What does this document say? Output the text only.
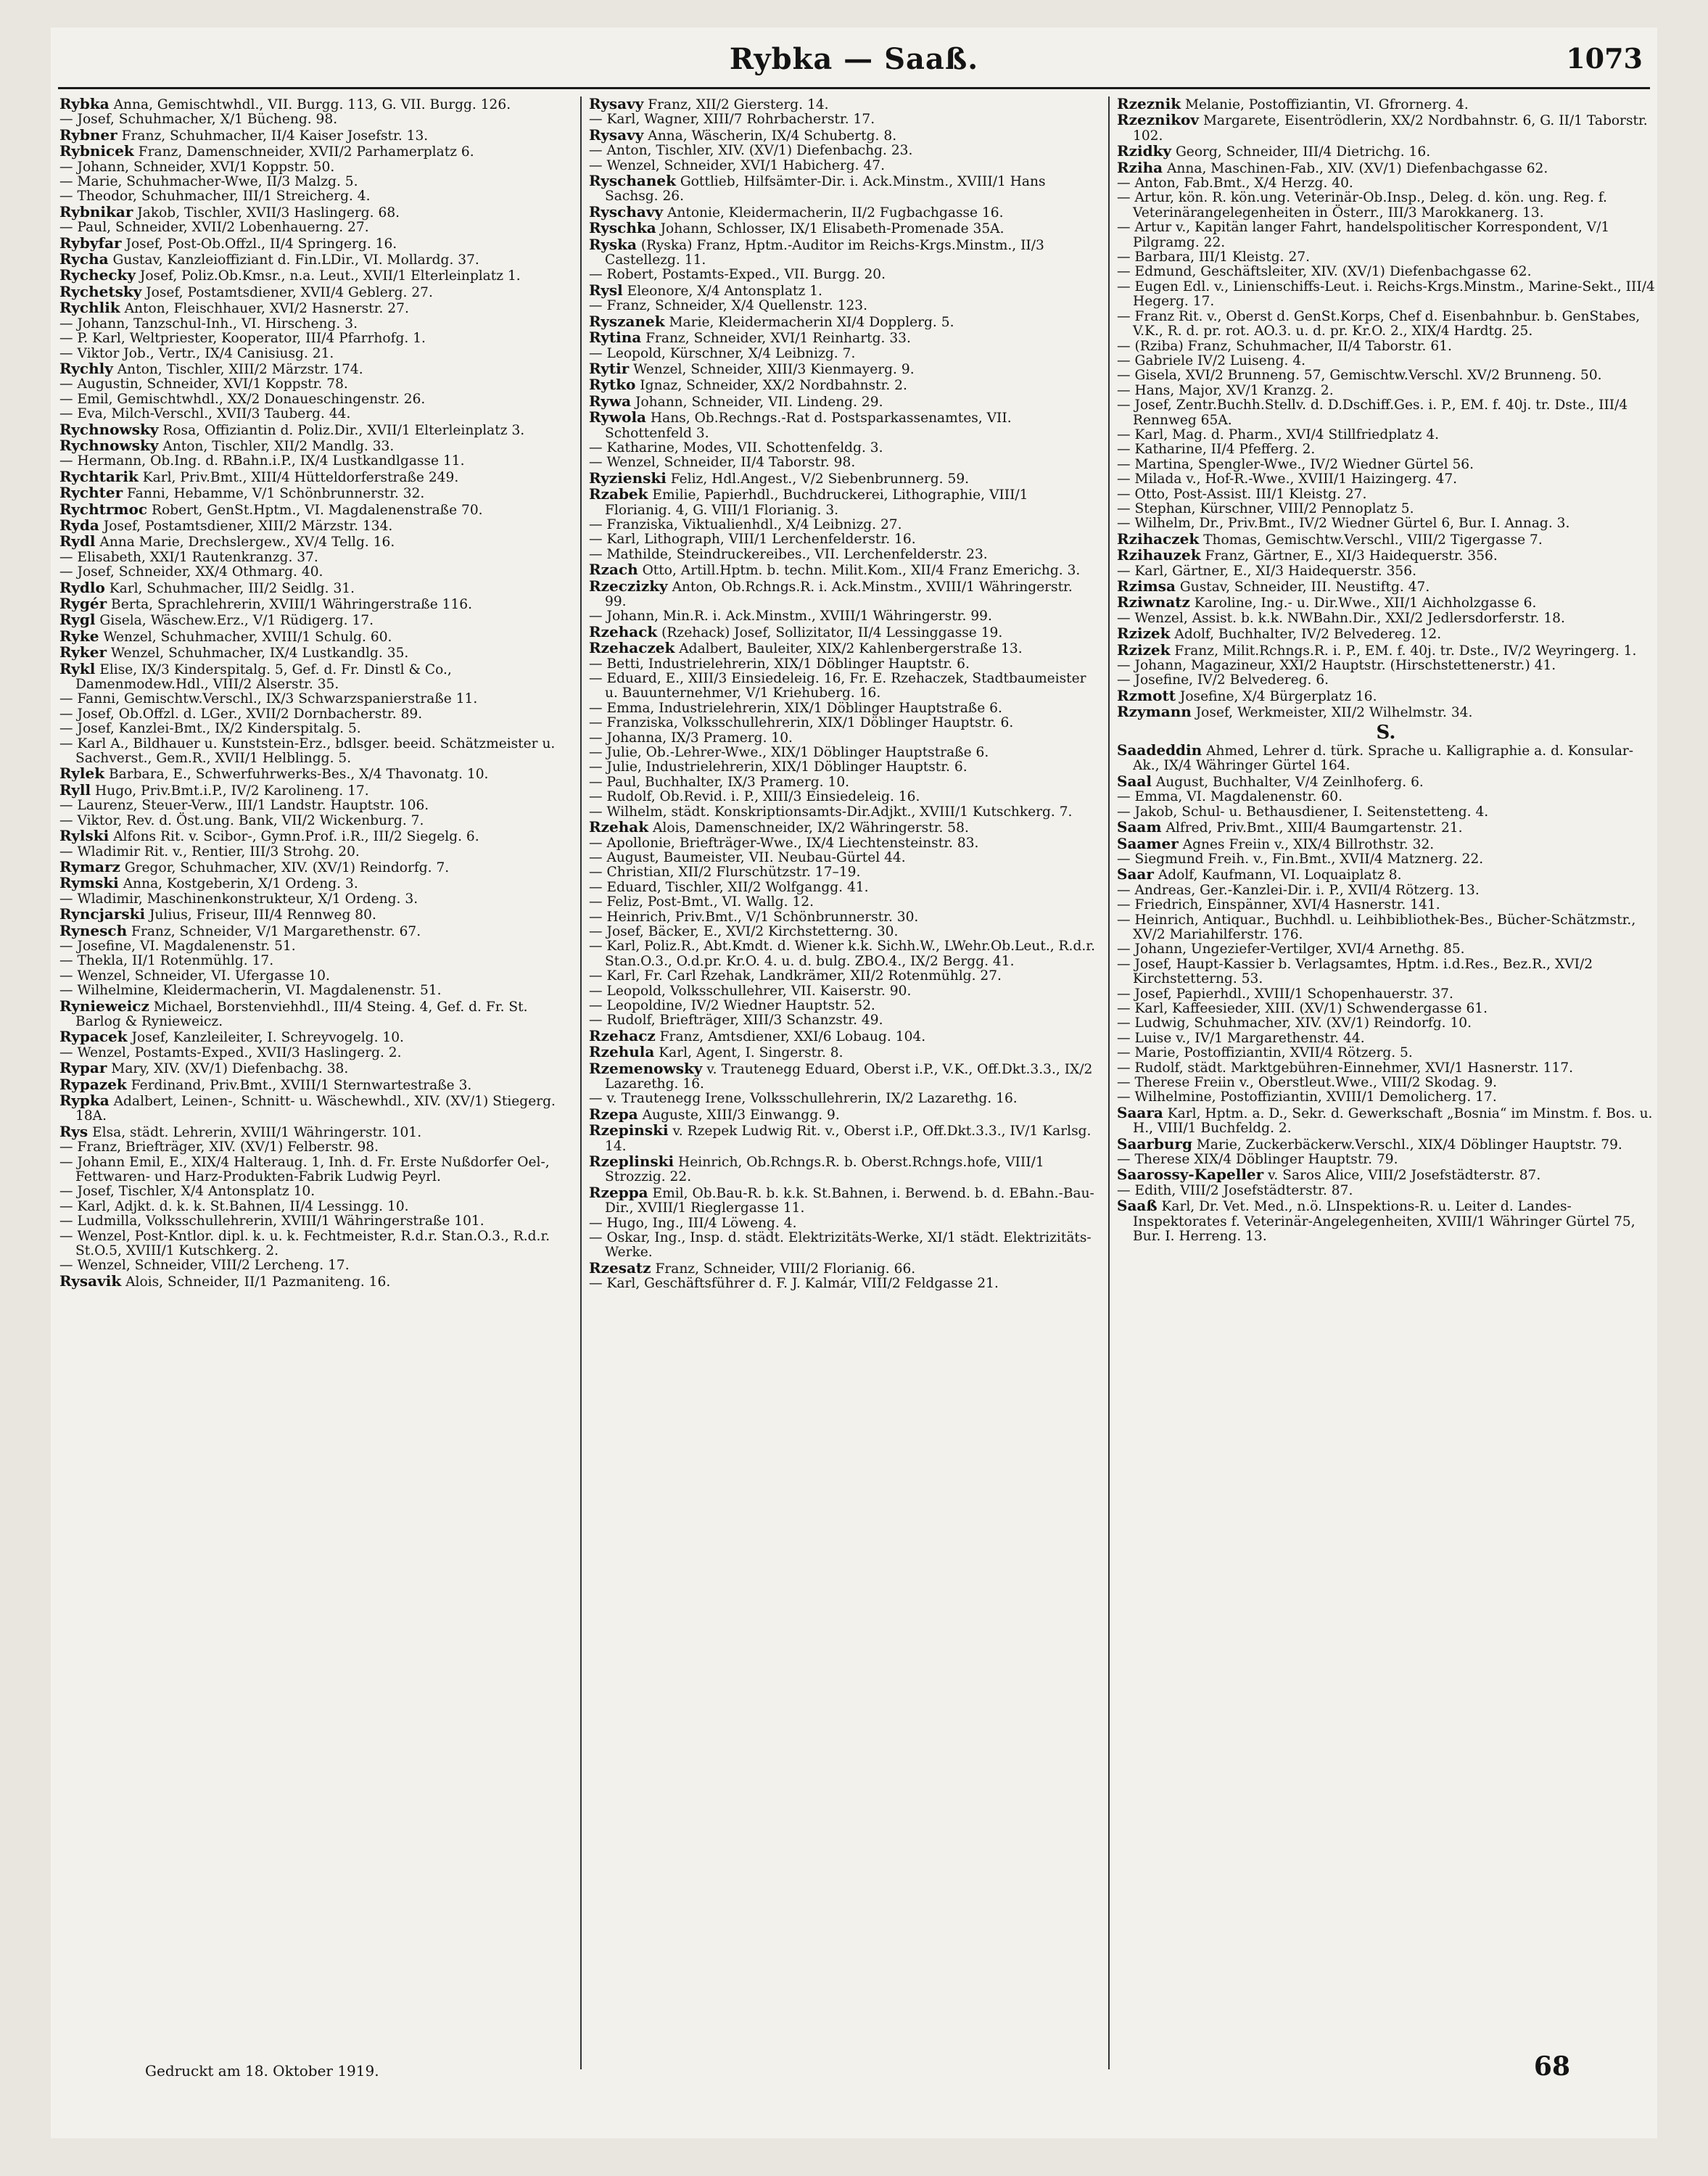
Rybka — Saaß.	1073
Rybka Anna, Gemischtwhdl., VII. Burgg. 113, G. VII. Burgg. 126.
— Josef, Schuhmacher, X/1 Bücheng. 98.
Rybner Franz, Schuhmacher, II/4 Kaiser Josefstr. 13.
Rybnicek Franz, Damenschneider, XVII/2 Parhamerplatz 6.
— Johann, Schneider, XVI/1 Koppstr. 50.
— Marie, Schuhmacher-Wwe, II/3 Malzg. 5.
— Theodor, Schuhmacher, III/1 Streicherg. 4.
Rybnikar Jakob, Tischler, XVII/3 Haslingerg. 68.
— Paul, Schneider, XVII/2 Lobenhauerng. 27.
Rybyfar Josef, Post-Ob.Offzl., II/4 Springerg. 16.
Rycha Gustav, Kanzleioffiziant d. Fin.LDir., VI. Mollardg. 37.
Rychecky Josef, Poliz.Ob.Kmsr., n.a. Leut., XVII/1 Elterleinplatz 1.
Rychetsky Josef, Postamtsdiener, XVII/4 Geblerg. 27.
Rychlik Anton, Fleischhauer, XVI/2 Hasnerstr. 27.
— Johann, Tanzschul-Inh., VI. Hirscheng. 3.
— P. Karl, Weltpriester, Kooperator, III/4 Pfarrhofg. 1.
— Viktor Job., Vertr., IX/4 Canisiusg. 21.
Rychly Anton, Tischler, XIII/2 Märzstr. 174.
— Augustin, Schneider, XVI/1 Koppstr. 78.
— Emil, Gemischtwhdl., XX/2 Donaueschingenstr. 26.
— Eva, Milch-Verschl., XVII/3 Tauberg. 44.
Rychnowsky Rosa, Offiziantin d. Poliz.Dir., XVII/1 Elterleinplatz 3.
Rychnowsky Anton, Tischler, XII/2 Mandlg. 33.
— Hermann, Ob.Ing. d. RBahn.i.P., IX/4 Lustkandlgasse 11.
Rychtarik Karl, Priv.Bmt., XIII/4 Hütteldorferstraße 249.
Rychter Fanni, Hebamme, V/1 Schönbrunnerstr. 32.
Rychtrmoc Robert, GenSt.Hptm., VI. Magdalenenstraße 70.
Ryda Josef, Postamtsdiener, XIII/2 Märzstr. 134.
Rydl Anna Marie, Drechslergew., XV/4 Tellg. 16.
— Elisabeth, XXI/1 Rautenkranzg. 37.
— Josef, Schneider, XX/4 Othmarg. 40.
Rydlo Karl, Schuhmacher, III/2 Seidlg. 31.
Rygér Berta, Sprachlehrerin, XVIII/1 Währingerstraße 116.
Rygl Gisela, Wäschew.Erz., V/1 Rüdigerg. 17.
Ryke Wenzel, Schuhmacher, XVIII/1 Schulg. 60.
Ryker Wenzel, Schuhmacher, IX/4 Lustkandlg. 35.
Rykl Elise, IX/3 Kinderspitalg. 5, Gef. d. Fr. Dinstl & Co., Damenmodew.Hdl., VIII/2 Alserstr. 35.
— Fanni, Gemischtw.Verschl., IX/3 Schwarzspanierstraße 11.
— Josef, Ob.Offzl. d. LGer., XVII/2 Dornbacherstr. 89.
— Josef, Kanzlei-Bmt., IX/2 Kinderspitalg. 5.
— Karl A., Bildhauer u. Kunststein-Erz., bdlsger. beeid. Schätzmeister u. Sachverst., Gem.R., XVII/1 Helblingg. 5.
Rylek Barbara, E., Schwerfuhrwerks-Bes., X/4 Thavonatg. 10.
Ryll Hugo, Priv.Bmt.i.P., IV/2 Karolineng. 17.
— Laurenz, Steuer-Verw., III/1 Landstr. Hauptstr. 106.
— Viktor, Rev. d. Öst.ung. Bank, VII/2 Wickenburg. 7.
Rylski Alfons Rit. v. Scibor-, Gymn.Prof. i.R., III/2 Siegelg. 6.
— Wladimir Rit. v., Rentier, III/3 Strohg. 20.
Rymarz Gregor, Schuhmacher, XIV. (XV/1) Reindorfg. 7.
Rymski Anna, Kostgeberin, X/1 Ordeng. 3.
— Wladimir, Maschinenkonstrukteur, X/1 Ordeng. 3.
Ryncjarski Julius, Friseur, III/4 Rennweg 80.
Rynesch Franz, Schneider, V/1 Margarethenstr. 67.
— Josefine, VI. Magdalenenstr. 51.
— Thekla, II/1 Rotenmühlg. 17.
— Wenzel, Schneider, VI. Ufergasse 10.
— Wilhelmine, Kleidermacherin, VI. Magdalenenstr. 51.
Rynieweicz Michael, Borstenviehhdl., III/4 Steing. 4, Gef. d. Fr. St. Barlog & Rynieweicz.
Rypacek Josef, Kanzleileiter, I. Schreyvogelg. 10.
— Wenzel, Postamts-Exped., XVII/3 Haslingerg. 2.
Rypar Mary, XIV. (XV/1) Diefenbachg. 38.
Rypazek Ferdinand, Priv.Bmt., XVIII/1 Sternwartestraße 3.
Rypka Adalbert, Leinen-, Schnitt- u. Wäschewhdl., XIV. (XV/1) Stiegerg. 18A.
Rys Elsa, städt. Lehrerin, XVIII/1 Währingerstr. 101.
— Franz, Briefträger, XIV. (XV/1) Felberstr. 98.
— Johann Emil, E., XIX/4 Halteraug. 1, Inh. d. Fr. Erste Nußdorfer Oel-, Fettwaren- und Harz-Produkten-Fabrik Ludwig Peyrl.
— Josef, Tischler, X/4 Antonsplatz 10.
— Karl, Adjkt. d. k. k. St.Bahnen, II/4 Lessingg. 10.
— Ludmilla, Volksschullehrerin, XVIII/1 Währingerstraße 101.
— Wenzel, Post-Kntlor. dipl. k. u. k. Fechtmeister, R.d.r. Stan.O.3., R.d.r. St.O.5, XVIII/1 Kutschkerg. 2.
— Wenzel, Schneider, VIII/2 Lercheng. 17.
Rysavik Alois, Schneider, II/1 Pazmaniteng. 16.
Rysavy Franz, XII/2 Giersterg. 14.
— Karl, Wagner, XIII/7 Rohrbacherstr. 17.
Rysavy Anna, Wäscherin, IX/4 Schubertg. 8.
— Anton, Tischler, XIV. (XV/1) Diefenbachg. 23.
— Wenzel, Schneider, XVI/1 Habicherg. 47.
Ryschanek Gottlieb, Hilfsämter-Dir. i. Ack.Minstm., XVIII/1 Hans Sachsg. 26.
Ryschavy Antonie, Kleidermacherin, II/2 Fugbachgasse 16.
Ryschka Johann, Schlosser, IX/1 Elisabeth-Promenade 35A.
Ryska (Ryska) Franz, Hptm.-Auditor im Reichs-Krgs.Minstm., II/3 Castellezg. 11.
— Robert, Postamts-Exped., VII. Burgg. 20.
Rysl Eleonore, X/4 Antonsplatz 1.
— Franz, Schneider, X/4 Quellenstr. 123.
Ryszanek Marie, Kleidermacherin XI/4 Dopplerg. 5.
Rytina Franz, Schneider, XVI/1 Reinhartg. 33.
— Leopold, Kürschner, X/4 Leibnizg. 7.
Rytir Wenzel, Schneider, XIII/3 Kienmayerg. 9.
Rytko Ignaz, Schneider, XX/2 Nordbahnstr. 2.
Rywa Johann, Schneider, VII. Lindeng. 29.
Rywola Hans, Ob.Rechngs.-Rat d. Postsparkassenamtes, VII. Schottenfeld 3.
— Katharine, Modes, VII. Schottenfeldg. 3.
— Wenzel, Schneider, II/4 Taborstr. 98.
Ryzienski Feliz, Hdl.Angest., V/2 Siebenbrunnerg. 59.
Rzabek Emilie, Papierhdl., Buchdruckerei, Lithographie, VIII/1 Florianig. 4, G. VIII/1 Florianig. 3.
— Franziska, Viktualienhdl., X/4 Leibnizg. 27.
— Karl, Lithograph, VIII/1 Lerchenfelderstr. 16.
— Mathilde, Steindruckereibes., VII. Lerchenfelderstr. 23.
Rzach Otto, Artill.Hptm. b. techn. Milit.Kom., XII/4 Franz Emerichg. 3.
Rzeczizky Anton, Ob.Rchngs.R. i. Ack.Minstm., XVIII/1 Währingerstr. 99.
— Johann, Min.R. i. Ack.Minstm., XVIII/1 Währingerstr. 99.
Rzehack (Rzehack) Josef, Sollizitator, II/4 Lessinggasse 19.
Rzehaczek Adalbert, Bauleiter, XIX/2 Kahlenbergerstraße 13.
— Betti, Industrielehrerin, XIX/1 Döblinger Hauptstr. 6.
— Eduard, E., XIII/3 Einsiedeleig. 16, Fr. E. Rzehaczek, Stadtbaumeister u. Bauunternehmer, V/1 Kriehuberg. 16.
— Emma, Industrielehrerin, XIX/1 Döblinger Hauptstraße 6.
— Franziska, Volksschullehrerin, XIX/1 Döblinger Hauptstr. 6.
— Johanna, IX/3 Pramerg. 10.
— Julie, Ob.-Lehrer-Wwe., XIX/1 Döblinger Hauptstraße 6.
— Julie, Industrielehrerin, XIX/1 Döblinger Hauptstr. 6.
— Paul, Buchhalter, IX/3 Pramerg. 10.
— Rudolf, Ob.Revid. i. P., XIII/3 Einsiedeleig. 16.
— Wilhelm, städt. Konskriptionsamts-Dir.Adjkt., XVIII/1 Kutschkerg. 7.
Rzehak Alois, Damenschneider, IX/2 Währingerstr. 58.
— Apollonie, Briefträger-Wwe., IX/4 Liechtensteinstr. 83.
— August, Baumeister, VII. Neubau-Gürtel 44.
— Christian, XII/2 Flurschützstr. 17–19.
— Eduard, Tischler, XII/2 Wolfgangg. 41.
— Feliz, Post-Bmt., VI. Wallg. 12.
— Heinrich, Priv.Bmt., V/1 Schönbrunnerstr. 30.
— Josef, Bäcker, E., XVI/2 Kirchstetterng. 30.
— Karl, Poliz.R., Abt.Kmdt. d. Wiener k.k. Sichh.W., LWehr.Ob.Leut., R.d.r. Stan.O.3., O.d.pr. Kr.O. 4. u. d. bulg. ZBO.4., IX/2 Bergg. 41.
— Karl, Fr. Carl Rzehak, Landkrämer, XII/2 Rotenmühlg. 27.
— Leopold, Volksschullehrer, VII. Kaiserstr. 90.
— Leopoldine, IV/2 Wiedner Hauptstr. 52.
— Rudolf, Briefträger, XIII/3 Schanzstr. 49.
Rzehacz Franz, Amtsdiener, XXI/6 Lobaug. 104.
Rzehula Karl, Agent, I. Singerstr. 8.
Rzemenowsky v. Trautenegg Eduard, Oberst i.P., V.K., Off.Dkt.3.3., IX/2 Lazarethg. 16.
— v. Trautenegg Irene, Volksschullehrerin, IX/2 Lazarethg. 16.
Rzepa Auguste, XIII/3 Einwangg. 9.
Rzepinski v. Rzepek Ludwig Rit. v., Oberst i.P., Off.Dkt.3.3., IV/1 Karlsg. 14.
Rzeplinski Heinrich, Ob.Rchngs.R. b. Oberst.Rchngs.hofe, VIII/1 Strozzig. 22.
Rzeppa Emil, Ob.Bau-R. b. k.k. St.Bahnen, i. Berwend. b. d. EBahn.-Bau-Dir., XVIII/1 Rieglergasse 11.
— Hugo, Ing., III/4 Löweng. 4.
— Oskar, Ing., Insp. d. städt. Elektrizitäts-Werke, XI/1 städt. Elektrizitäts-Werke.
Rzesatz Franz, Schneider, VIII/2 Florianig. 66.
— Karl, Geschäftsführer d. F. J. Kalmár, VIII/2 Feldgasse 21.
Rzeznik Melanie, Postoffiziantin, VI. Gfrornerg. 4.
Rzeznikov Margarete, Eisentrödlerin, XX/2 Nordbahnstr. 6, G. II/1 Taborstr. 102.
Rzidky Georg, Schneider, III/4 Dietrichg. 16.
Rziha Anna, Maschinen-Fab., XIV. (XV/1) Diefenbachgasse 62.
— Anton, Fab.Bmt., X/4 Herzg. 40.
— Artur, kön. R. kön.ung. Veterinär-Ob.Insp., Deleg. d. kön. ung. Reg. f. Veterinärangelegenheiten in Österr., III/3 Marokkanerg. 13.
— Artur v., Kapitän langer Fahrt, handelspolitischer Korrespondent, V/1 Pilgramg. 22.
— Barbara, III/1 Kleistg. 27.
— Edmund, Geschäftsleiter, XIV. (XV/1) Diefenbachgasse 62.
— Eugen Edl. v., Linienschiffs-Leut. i. Reichs-Krgs.Minstm., Marine-Sekt., III/4 Hegerg. 17.
— Franz Rit. v., Oberst d. GenSt.Korps, Chef d. Eisenbahnbur. b. GenStabes, V.K., R. d. pr. rot. AO.3. u. d. pr. Kr.O. 2., XIX/4 Hardtg. 25.
— (Rziba) Franz, Schuhmacher, II/4 Taborstr. 61.
— Gabriele IV/2 Luiseng. 4.
— Gisela, XVI/2 Brunneng. 57, Gemischtw.Verschl. XV/2 Brunneng. 50.
— Hans, Major, XV/1 Kranzg. 2.
— Josef, Zentr.Buchh.Stellv. d. D.Dschiff.Ges. i. P., EM. f. 40j. tr. Dste., III/4 Rennweg 65A.
— Karl, Mag. d. Pharm., XVI/4 Stillfriedplatz 4.
— Katharine, II/4 Pfefferg. 2.
— Martina, Spengler-Wwe., IV/2 Wiedner Gürtel 56.
— Milada v., Hof-R.-Wwe., XVIII/1 Haizingerg. 47.
— Otto, Post-Assist. III/1 Kleistg. 27.
— Stephan, Kürschner, VIII/2 Pennoplatz 5.
— Wilhelm, Dr., Priv.Bmt., IV/2 Wiedner Gürtel 6, Bur. I. Annag. 3.
Rzihaczek Thomas, Gemischtw.Verschl., VIII/2 Tigergasse 7.
Rzihauzek Franz, Gärtner, E., XI/3 Haidequerstr. 356.
— Karl, Gärtner, E., XI/3 Haidequerstr. 356.
Rzimsa Gustav, Schneider, III. Neustiftg. 47.
Rziwnatz Karoline, Ing.- u. Dir.Wwe., XII/1 Aichholzgasse 6.
— Wenzel, Assist. b. k.k. NWBahn.Dir., XXI/2 Jedlersdorferstr. 18.
Rzizek Adolf, Buchhalter, IV/2 Belvedereg. 12.
Rzizek Franz, Milit.Rchngs.R. i. P., EM. f. 40j. tr. Dste., IV/2 Weyringerg. 1.
— Johann, Magazineur, XXI/2 Hauptstr. (Hirschstettenerstr.) 41.
— Josefine, IV/2 Belvedereg. 6.
Rzmott Josefine, X/4 Bürgerplatz 16.
Rzymann Josef, Werkmeister, XII/2 Wilhelmstr. 34.
S.
Saadeddin Ahmed, Lehrer d. türk. Sprache u. Kalligraphie a. d. Konsular-Ak., IX/4 Währinger Gürtel 164.
Saal August, Buchhalter, V/4 Zeinlhoferg. 6.
— Emma, VI. Magdalenenstr. 60.
— Jakob, Schul- u. Bethausdiener, I. Seitenstetteng. 4.
Saam Alfred, Priv.Bmt., XIII/4 Baumgartenstr. 21.
Saamer Agnes Freiin v., XIX/4 Billrothstr. 32.
— Siegmund Freih. v., Fin.Bmt., XVII/4 Matznerg. 22.
Saar Adolf, Kaufmann, VI. Loquaiplatz 8.
— Andreas, Ger.-Kanzlei-Dir. i. P., XVII/4 Rötzerg. 13.
— Friedrich, Einspänner, XVI/4 Hasnerstr. 141.
— Heinrich, Antiquar., Buchhdl. u. Leihbibliothek-Bes., Bücher-Schätzmstr., XV/2 Mariahilferstr. 176.
— Johann, Ungeziefer-Vertilger, XVI/4 Arnethg. 85.
— Josef, Haupt-Kassier b. Verlagsamtes, Hptm. i.d.Res., Bez.R., XVI/2 Kirchstetterng. 53.
— Josef, Papierhdl., XVIII/1 Schopenhauerstr. 37.
— Karl, Kaffeesieder, XIII. (XV/1) Schwendergasse 61.
— Ludwig, Schuhmacher, XIV. (XV/1) Reindorfg. 10.
— Luise v., IV/1 Margarethenstr. 44.
— Marie, Postoffiziantin, XVII/4 Rötzerg. 5.
— Rudolf, städt. Marktgebühren-Einnehmer, XVI/1 Hasnerstr. 117.
— Therese Freiin v., Oberstleut.Wwe., VIII/2 Skodag. 9.
— Wilhelmine, Postoffiziantin, XVIII/1 Demolicherg. 17.
Saara Karl, Hptm. a. D., Sekr. d. Gewerkschaft „Bosnia“ im Minstm. f. Bos. u. H., VIII/1 Buchfeldg. 2.
Saarburg Marie, Zuckerbäckerw.Verschl., XIX/4 Döblinger Hauptstr. 79.
— Therese XIX/4 Döblinger Hauptstr. 79.
Saarossy-Kapeller v. Saros Alice, VIII/2 Josefstädterstr. 87.
— Edith, VIII/2 Josefstädterstr. 87.
Saaß Karl, Dr. Vet. Med., n.ö. LInspektions-R. u. Leiter d. Landes-Inspektorates f. Veterinär-Angelegenheiten, XVIII/1 Währinger Gürtel 75, Bur. I. Herreng. 13.
Gedruckt am 18. Oktober 1919.	68
